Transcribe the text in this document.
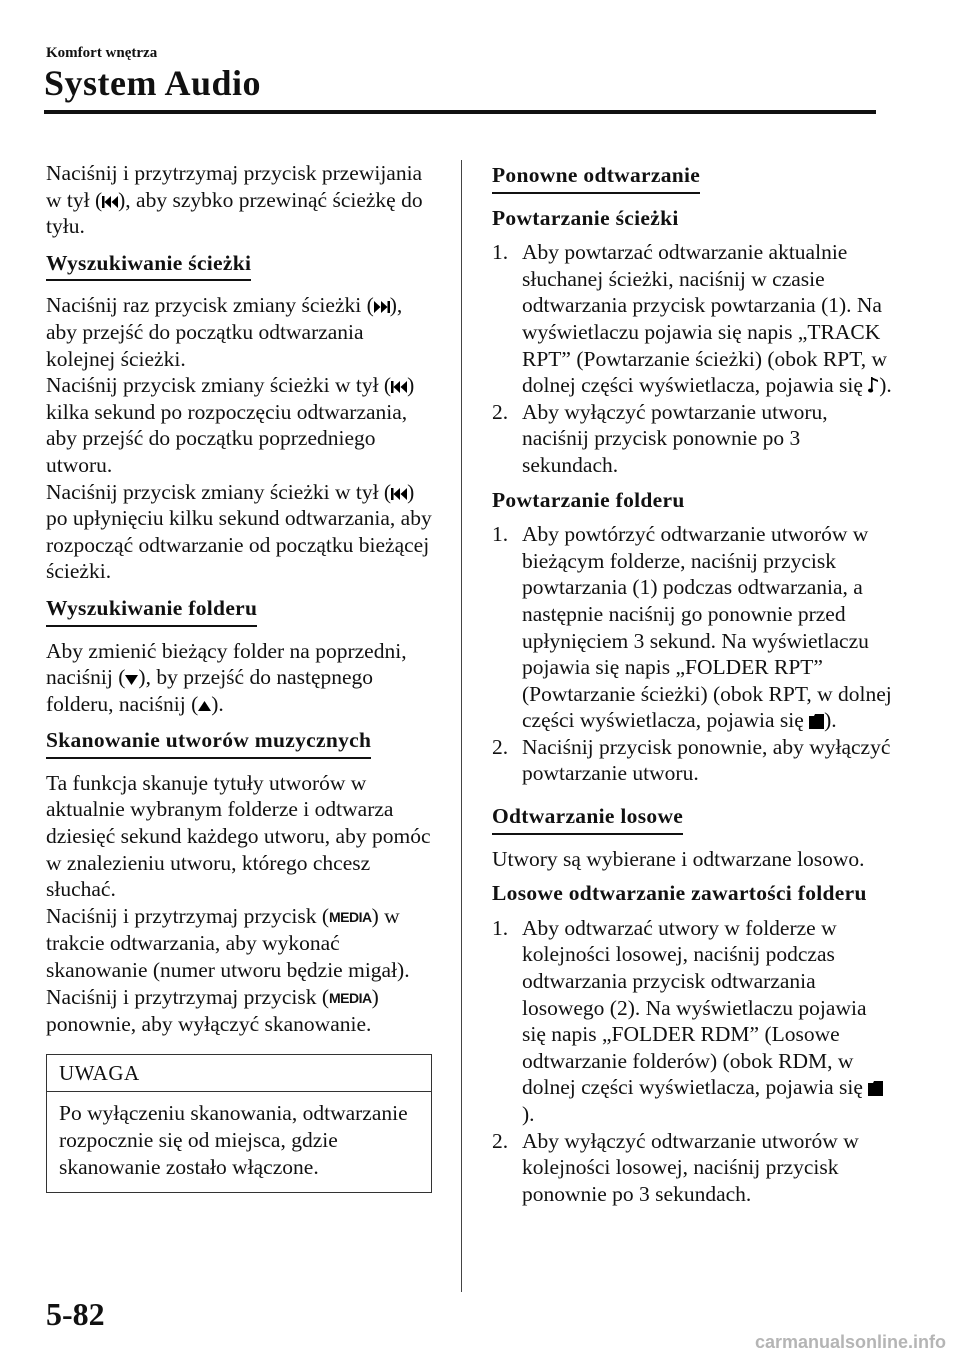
Komfort wnętrza
System Audio

Naciśnij i przytrzymaj przycisk przewijania w tył ( ), aby szybko przewinąć ścieżkę do tyłu.

Wyszukiwanie ścieżki

Naciśnij raz przycisk zmiany ścieżki ( ), aby przejść do początku odtwarzania kolejnej ścieżki.

Naciśnij przycisk zmiany ścieżki w tył ( ) kilka sekund po rozpoczęciu odtwarzania, aby przejść do początku poprzedniego utworu.

Naciśnij przycisk zmiany ścieżki w tył ( ) po upłynięciu kilku sekund odtwarzania, aby rozpocząć odtwarzanie od początku bieżącej ścieżki.

Wyszukiwanie folderu

Aby zmienić bieżący folder na poprzedni, naciśnij ( ), by przejść do następnego folderu, naciśnij ( ).

Skanowanie utworów muzycznych

Ta funkcja skanuje tytuły utworów w aktualnie wybranym folderze i odtwarza dziesięć sekund każdego utworu, aby pomóc w znalezieniu utworu, którego chcesz słuchać.

Naciśnij i przytrzymaj przycisk (MEDIA) w trakcie odtwarzania, aby wykonać skanowanie (numer utworu będzie migał). Naciśnij i przytrzymaj przycisk (MEDIA) ponownie, aby wyłączyć skanowanie.

UWAGA
Po wyłączeniu skanowania, odtwarzanie rozpocznie się od miejsca, gdzie skanowanie zostało włączone.
Ponowne odtwarzanie
Powtarzanie ścieżki
1. Aby powtarzać odtwarzanie aktualnie słuchanej ścieżki, naciśnij w czasie odtwarzania przycisk powtarzania (1). Na wyświetlaczu pojawia się napis „TRACK RPT” (Powtarzanie ścieżki) (obok RPT, w dolnej części wyświetlacza, pojawia się ).
2. Aby wyłączyć powtarzanie utworu, naciśnij przycisk ponownie po 3 sekundach.
Powtarzanie folderu
1. Aby powtórzyć odtwarzanie utworów w bieżącym folderze, naciśnij przycisk powtarzania (1) podczas odtwarzania, a następnie naciśnij go ponownie przed upłynięciem 3 sekund. Na wyświetlaczu pojawia się napis „FOLDER RPT” (Powtarzanie ścieżki) (obok RPT, w dolnej części wyświetlacza, pojawia się ).
2. Naciśnij przycisk ponownie, aby wyłączyć powtarzanie utworu.
Odtwarzanie losowe

Utwory są wybierane i odtwarzane losowo.

Losowe odtwarzanie zawartości folderu
1. Aby odtwarzać utwory w folderze w kolejności losowej, naciśnij podczas odtwarzania przycisk odtwarzania losowego (2). Na wyświetlaczu pojawia się napis „FOLDER RDM” (Losowe odtwarzanie folderów) (obok RDM, w dolnej części wyświetlacza, pojawia się ).
2. Aby wyłączyć odtwarzanie utworów w kolejności losowej, naciśnij przycisk ponownie po 3 sekundach.
5-82
carmanualsonline.info
